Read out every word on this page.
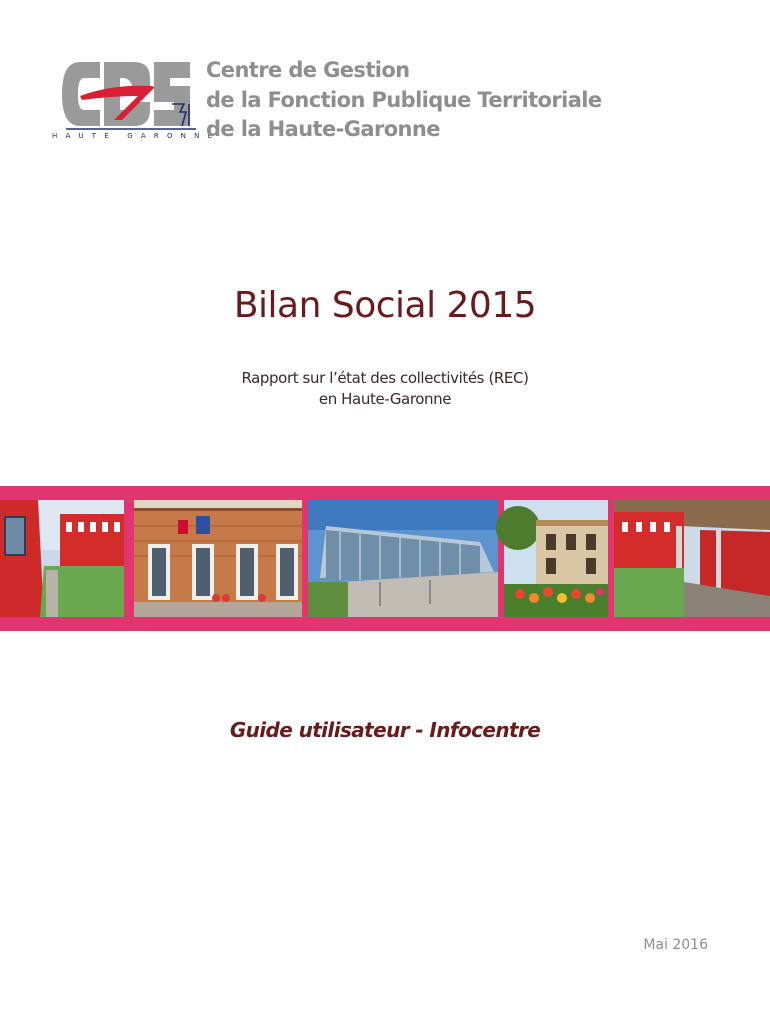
HAUTE GARONNE
Centre de Gestion
de la Fonction Publique Territoriale
de la Haute-Garonne
Bilan Social 2015
Rapport sur l’état des collectivités (REC)
en Haute-Garonne
Guide utilisateur - Infocentre
Mai 2016
